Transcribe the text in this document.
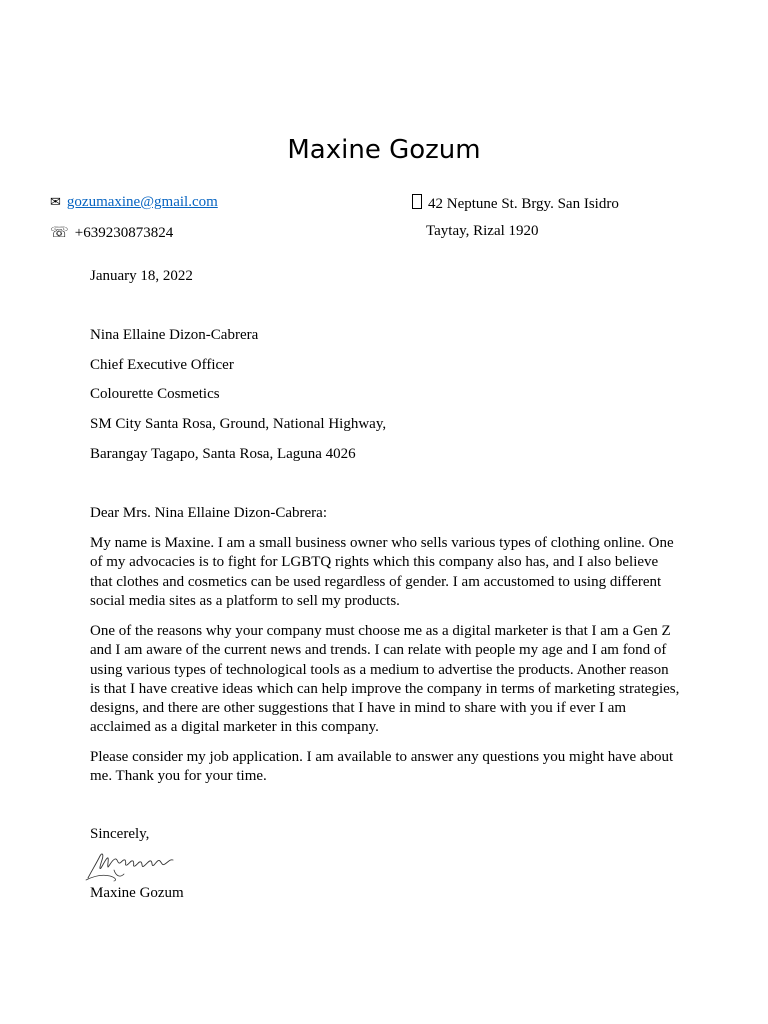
Maxine Gozum
✉ gozumaxine@gmail.com	42 Neptune St. Brgy. San Isidro
☏ +639230873824	Taytay, Rizal 1920
January 18, 2022
Nina Ellaine Dizon-Cabrera
Chief Executive Officer
Colourette Cosmetics
SM City Santa Rosa, Ground, National Highway,
Barangay Tagapo, Santa Rosa, Laguna 4026
Dear Mrs. Nina Ellaine Dizon-Cabrera:
My name is Maxine. I am a small business owner who sells various types of clothing online. One of my advocacies is to fight for LGBTQ rights which this company also has, and I also believe that clothes and cosmetics can be used regardless of gender. I am accustomed to using different social media sites as a platform to sell my products.
One of the reasons why your company must choose me as a digital marketer is that I am a Gen Z and I am aware of the current news and trends. I can relate with people my age and I am fond of using various types of technological tools as a medium to advertise the products. Another reason is that I have creative ideas which can help improve the company in terms of marketing strategies, designs, and there are other suggestions that I have in mind to share with you if ever I am acclaimed as a digital marketer in this company.
Please consider my job application. I am available to answer any questions you might have about me. Thank you for your time.
Sincerely,
Maxine Gozum
